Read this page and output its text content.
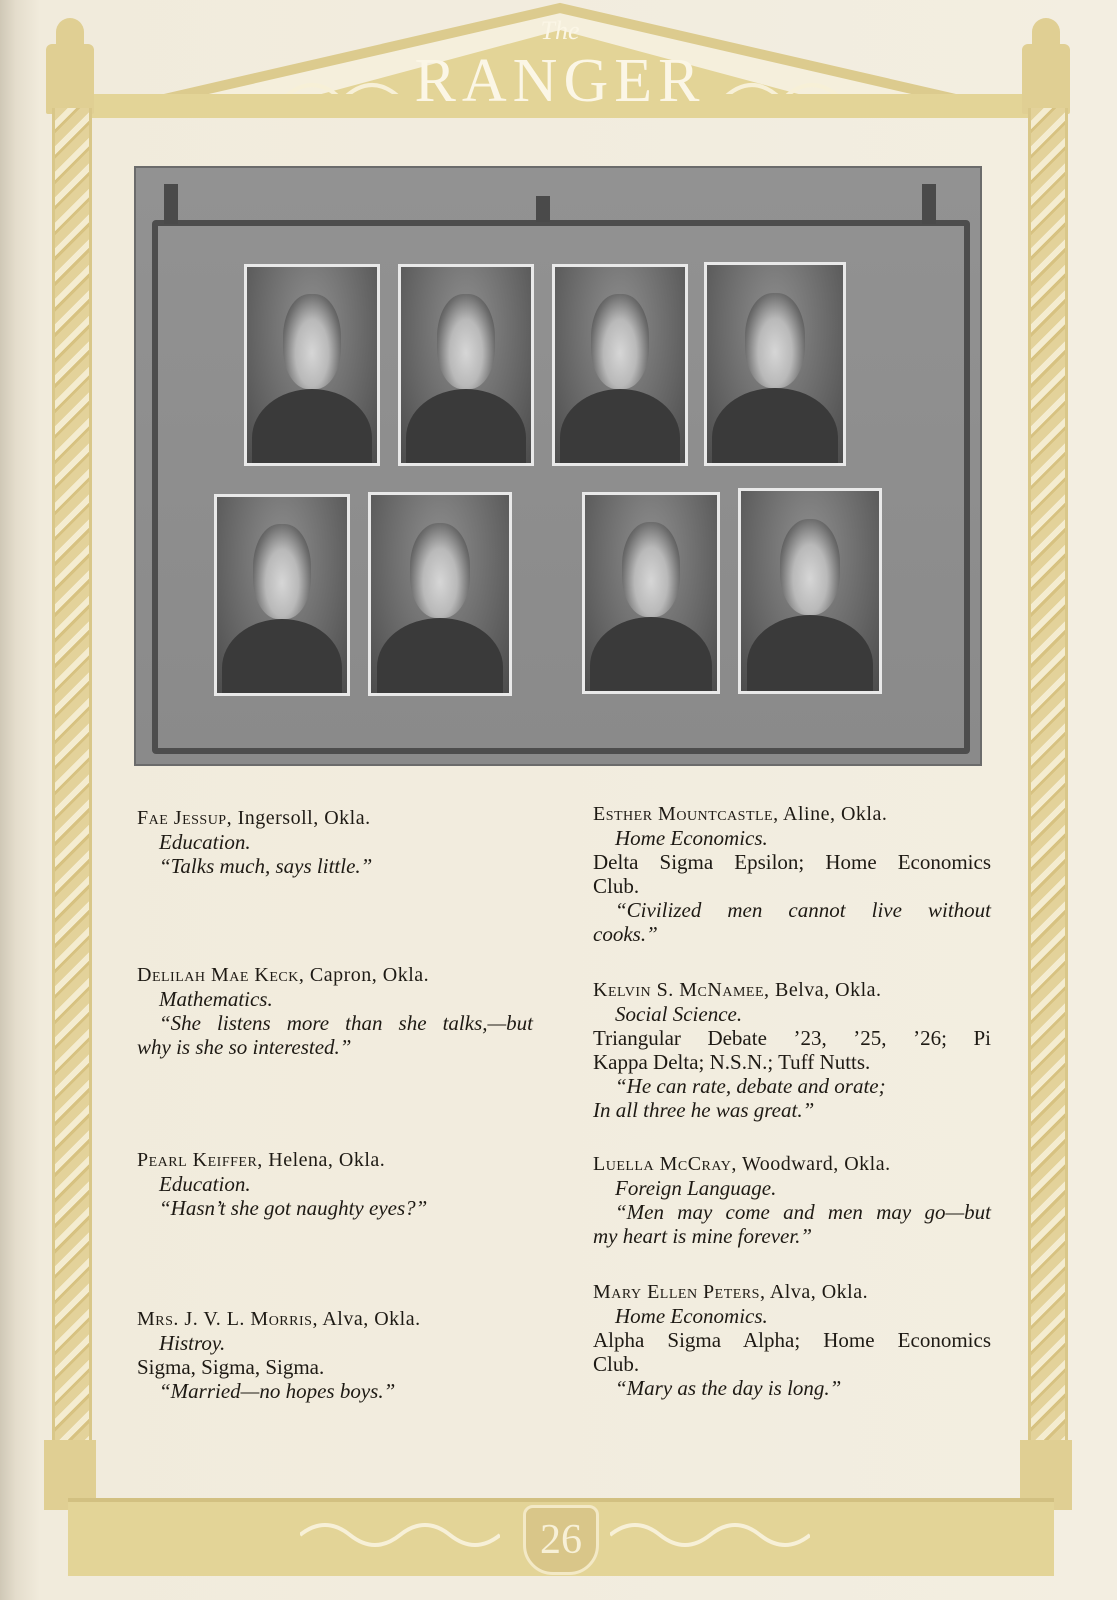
The
RANGER
26
Fae Jessup, Ingersoll, Okla.
Education.
“Talks much, says little.”
Delilah Mae Keck, Capron, Okla.
Mathematics.
“She listens more than she talks,—but
why is she so interested.”
Pearl Keiffer, Helena, Okla.
Education.
“Hasn’t she got naughty eyes?”
Mrs. J. V. L. Morris, Alva, Okla.
Histroy.
Sigma, Sigma, Sigma.
“Married—no hopes boys.”
Esther Mountcastle, Aline, Okla.
Home Economics.
Delta Sigma Epsilon; Home Economics
Club.
“Civilized men cannot live without
cooks.”
Kelvin S. McNamee, Belva, Okla.
Social Science.
Triangular Debate ’23, ’25, ’26; Pi
Kappa Delta; N.S.N.; Tuff Nutts.
“He can rate, debate and orate;
In all three he was great.”
Luella McCray, Woodward, Okla.
Foreign Language.
“Men may come and men may go—but
my heart is mine forever.”
Mary Ellen Peters, Alva, Okla.
Home Economics.
Alpha Sigma Alpha; Home Economics
Club.
“Mary as the day is long.”
